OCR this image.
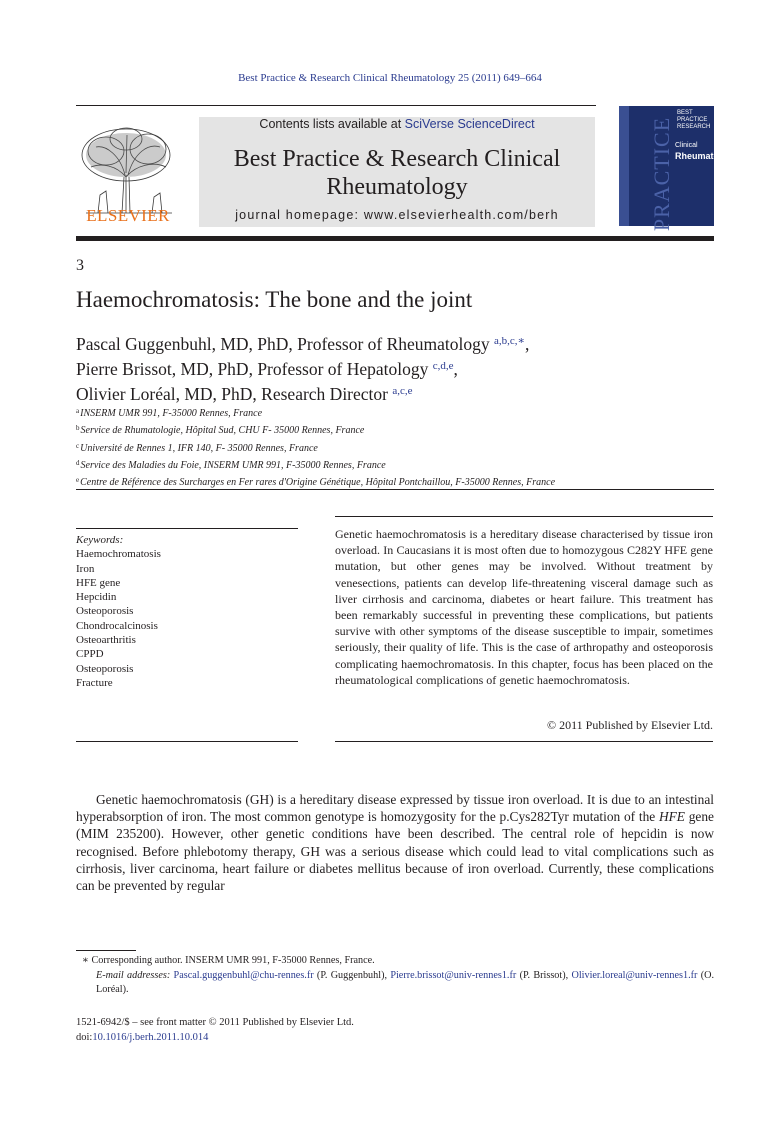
Best Practice & Research Clinical Rheumatology 25 (2011) 649–664
ELSEVIER
Contents lists available at SciVerse ScienceDirect
Best Practice & Research Clinical
Rheumatology
journal homepage: www.elsevierhealth.com/berh	PRACTICE
BEST
PRACTICE
RESEARCH
Clinical
Rheumatology
3
Haemochromatosis: The bone and the joint
Pascal Guggenbuhl, MD, PhD, Professor of Rheumatology $^{a,b,c,∗}$,
Pierre Brissot, MD, PhD, Professor of Hepatology $^{c,d,e}$,
Olivier Loréal, MD, PhD, Research Director $^{a,c,e}$
$^a$INSERM UMR 991, F-35000 Rennes, France
$^b$Service de Rhumatologie, Hôpital Sud, CHU F- 35000 Rennes, France
$^c$Université de Rennes 1, IFR 140, F- 35000 Rennes, France
$^d$Service des Maladies du Foie, INSERM UMR 991, F-35000 Rennes, France
$^e$Centre de Référence des Surcharges en Fer rares d'Origine Génétique, Hôpital Pontchaillou, F-35000 Rennes, France
Keywords:
Haemochromatosis
Iron
HFE gene
Hepcidin
Osteoporosis
Chondrocalcinosis
Osteoarthritis
CPPD
Osteoporosis
Fracture
Genetic haemochromatosis is a hereditary disease characterised by tissue iron overload. In Caucasians it is most often due to homozygous C282Y HFE gene mutation, but other genes may be involved. Without treatment by venesections, patients can develop life-threatening visceral damage such as liver cirrhosis and carcinoma, diabetes or heart failure. This treatment has been remarkably successful in preventing these complications, but patients survive with other symptoms of the disease susceptible to impair, sometimes seriously, their quality of life. This is the case of arthropathy and osteoporosis complicating haemochromatosis. In this chapter, focus has been placed on the rheumatological complications of genetic haemochromatosis.
© 2011 Published by Elsevier Ltd.
Genetic haemochromatosis (GH) is a hereditary disease expressed by tissue iron overload. It is due to an intestinal hyperabsorption of iron. The most common genotype is homozygosity for the p.Cys282Tyr mutation of the HFE gene (MIM 235200). However, other genetic conditions have been described. The central role of hepcidin is now recognised. Before phlebotomy therapy, GH was a serious disease which could lead to vital complications such as cirrhosis, liver carcinoma, heart failure or diabetes mellitus because of iron overload. Currently, these complications can be prevented by regular
∗ Corresponding author. INSERM UMR 991, F-35000 Rennes, France.
E-mail addresses: Pascal.guggenbuhl@chu-rennes.fr (P. Guggenbuhl), Pierre.brissot@univ-rennes1.fr (P. Brissot), Olivier.loreal@univ-rennes1.fr (O. Loréal).
1521-6942/$ – see front matter © 2011 Published by Elsevier Ltd.
doi:10.1016/j.berh.2011.10.014
